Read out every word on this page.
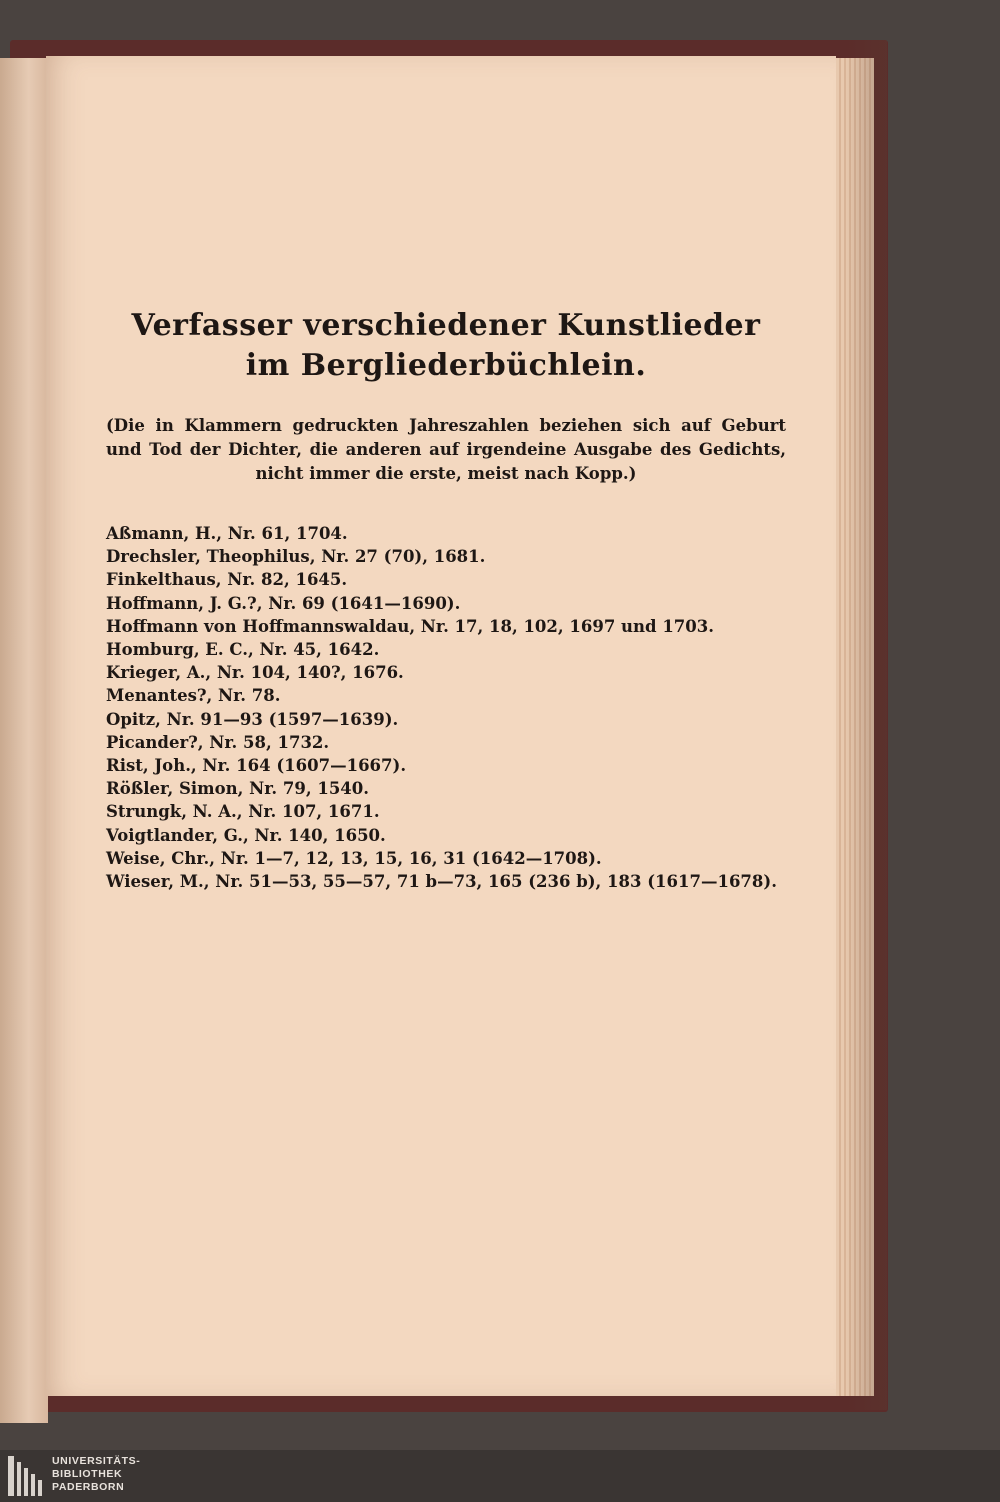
Verfasser verschiedener Kunstlieder
im Bergliederbüchlein.

(Die in Klammern gedruckten Jahreszahlen beziehen sich auf Geburt und Tod der Dichter, die anderen auf irgendeine Ausgabe des Gedichts, nicht immer die erste, meist nach Kopp.)

Aßmann, H., Nr. 61, 1704.
Drechsler, Theophilus, Nr. 27 (70), 1681.
Finkelthaus, Nr. 82, 1645.
Hoffmann, J. G.?, Nr. 69 (1641—1690).
Hoffmann von Hoffmannswaldau, Nr. 17, 18, 102, 1697 und 1703.
Homburg, E. C., Nr. 45, 1642.
Krieger, A., Nr. 104, 140?, 1676.
Menantes?, Nr. 78.
Opitz, Nr. 91—93 (1597—1639).
Picander?, Nr. 58, 1732.
Rist, Joh., Nr. 164 (1607—1667).
Rößler, Simon, Nr. 79, 1540.
Strungk, N. A., Nr. 107, 1671.
Voigtlander, G., Nr. 140, 1650.
Weise, Chr., Nr. 1—7, 12, 13, 15, 16, 31 (1642—1708).
Wieser, M., Nr. 51—53, 55—57, 71 b—73, 165 (236 b), 183 (1617—1678).
UNIVERSITÄTS-
BIBLIOTHEK
PADERBORN
